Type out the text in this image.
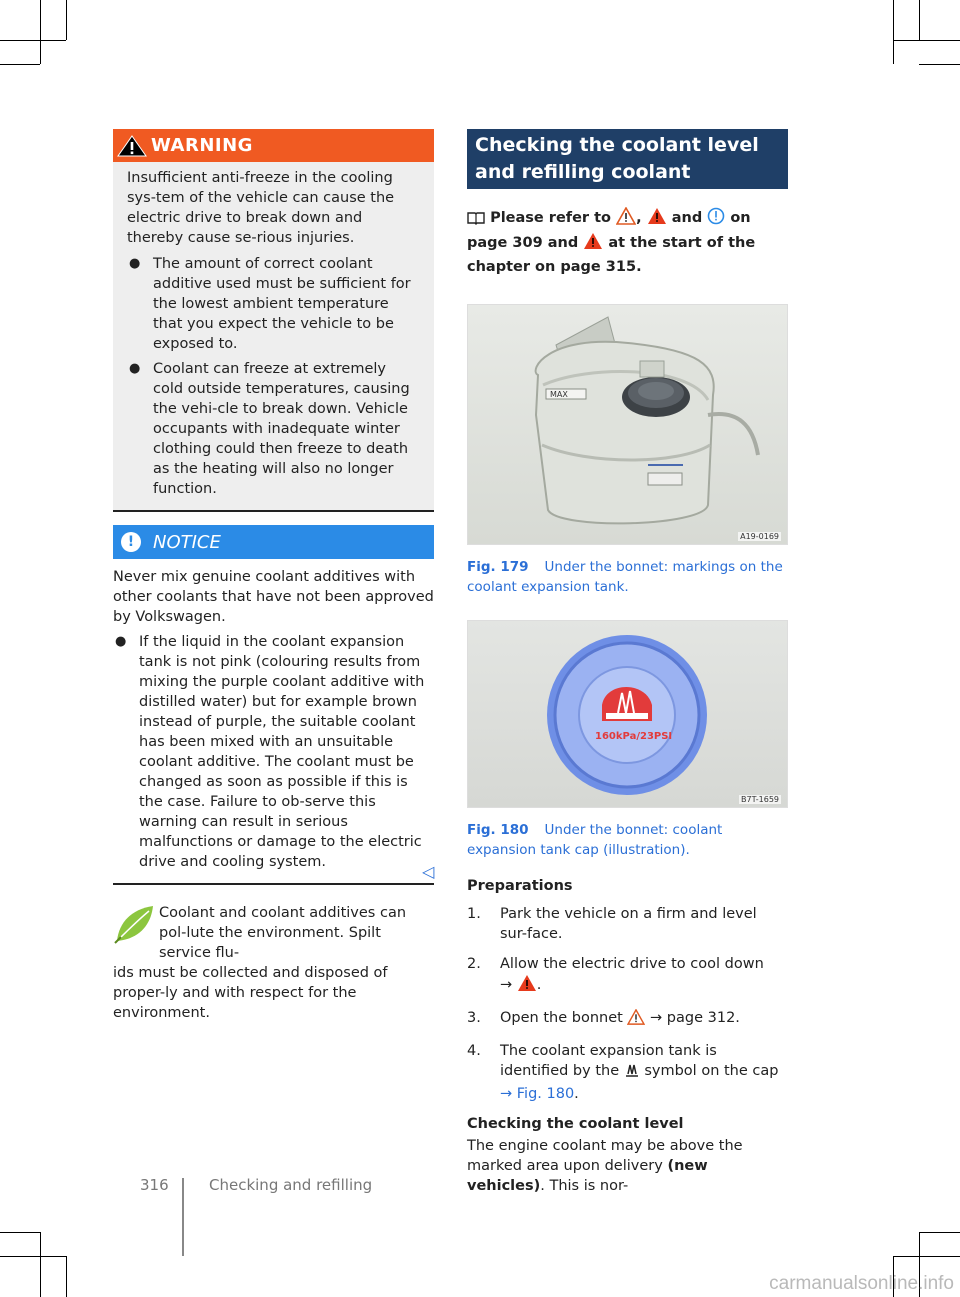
WARNING

Insufficient anti-freeze in the cooling sys-tem of the vehicle can cause the electric drive to break down and thereby cause se-rious injuries.

● The amount of correct coolant additive used must be sufficient for the lowest ambient temperature that you expect the vehicle to be exposed to.
● Coolant can freeze at extremely cold outside temperatures, causing the vehi-cle to break down. Vehicle occupants with inadequate winter clothing could then freeze to death as the heating will also no longer function.
!	NOTICE

Never mix genuine coolant additives with other coolants that have not been approved by Volkswagen.

● If the liquid in the coolant expansion tank is not pink (colouring results from mixing the purple coolant additive with distilled water) but for example brown instead of purple, the suitable coolant has been mixed with an unsuitable coolant additive. The coolant must be changed as soon as possible if this is the case. Failure to ob-serve this warning can result in serious malfunctions or damage to the electric drive and cooling system.
Coolant and coolant additives can pol-lute the environment. Spilt service flu-
ids must be collected and disposed of proper-ly and with respect for the environment.
◁
Checking the coolant level
and refilling coolant
Please refer to , and on page 309 and at the start of the chapter on page 315.
MAX
A19-0169
Fig. 179 Under the bonnet: markings on the coolant expansion tank.
160kPa/23PSI
B7T-1659
Fig. 180 Under the bonnet: coolant expansion tank cap (illustration).
Preparations
1.	Park the vehicle on a firm and level sur-face.
2.	Allow the electric drive to cool down
→ .
3.	Open the bonnet → page 312.
4.	The coolant expansion tank is identified by the symbol on the cap → Fig. 180.
Checking the coolant level
The engine coolant may be above the marked area upon delivery (new vehicles). This is nor-
316	Checking and refilling
carmanualsonline.info
